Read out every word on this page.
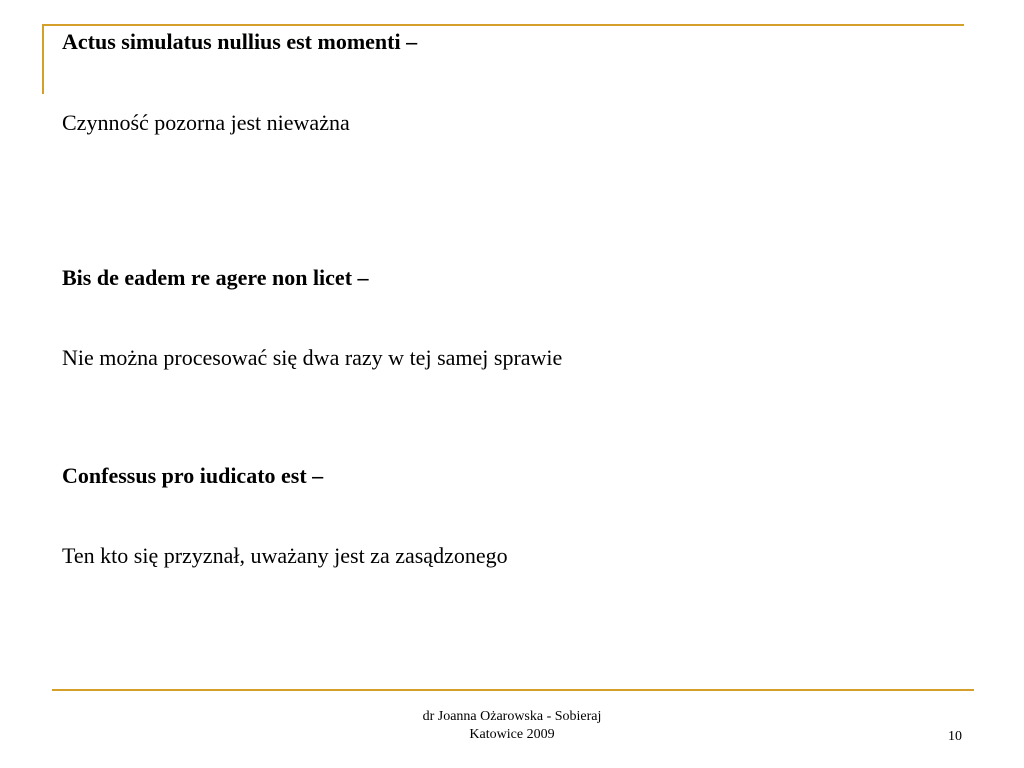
Actus simulatus nullius est momenti –
Czynność pozorna jest nieważna
Bis de eadem re agere non licet –
Nie można procesować się dwa razy w tej samej sprawie
Confessus pro iudicato est –
Ten kto się przyznał, uważany jest za zasądzonego
dr Joanna Ożarowska - Sobieraj
Katowice 2009	10
